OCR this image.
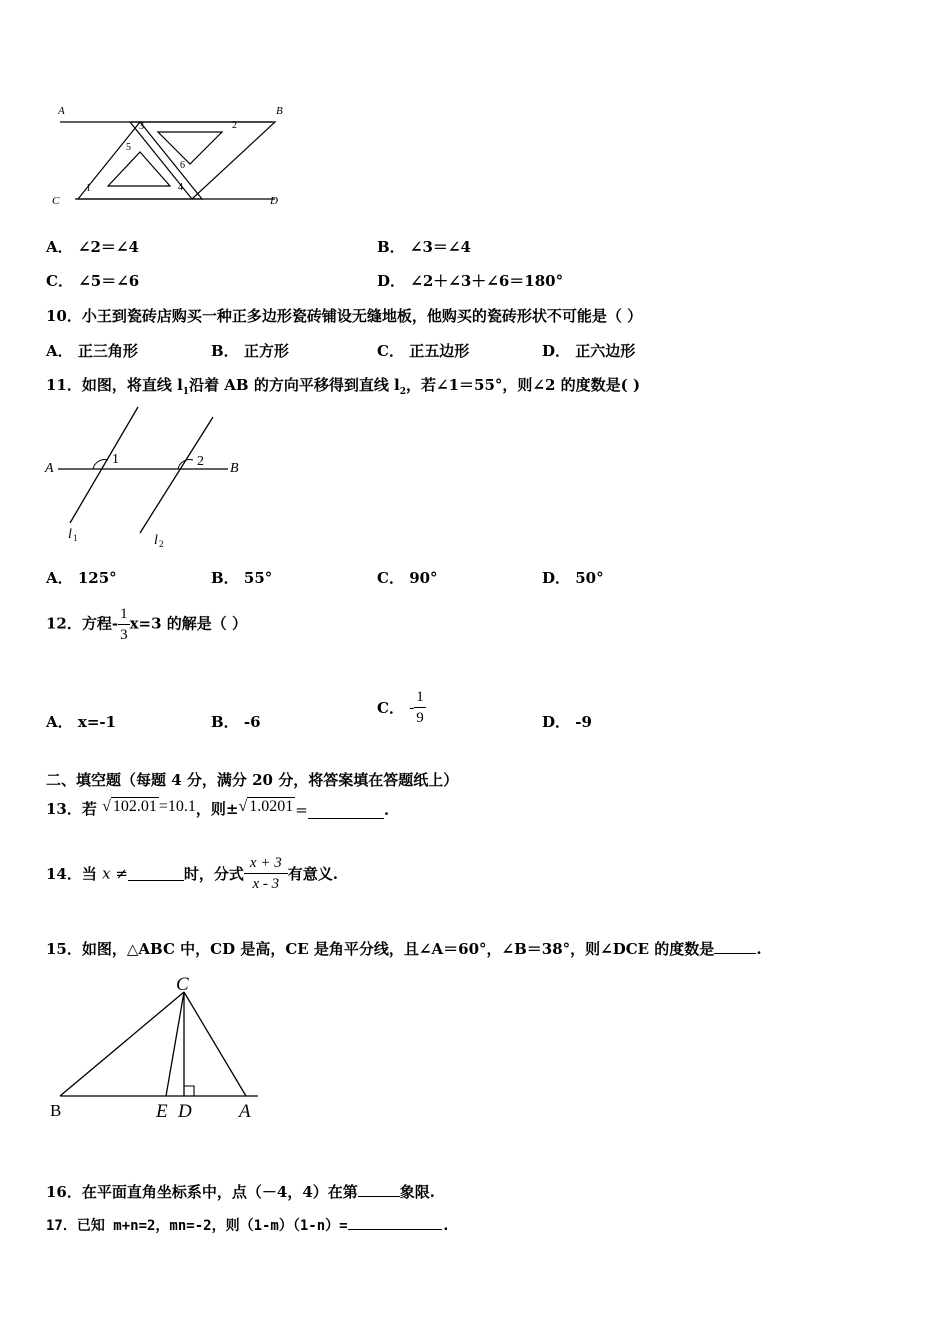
A	B
C	D
1
2
3
4
5
6
A． ∠2＝∠4	B． ∠3＝∠4
C． ∠5＝∠6	D． ∠2＋∠3＋∠6＝180°
10．小王到瓷砖店购买一种正多边形瓷砖铺设无缝地板，他购买的瓷砖形状不可能是（ ）
A． 正三角形	B． 正方形	C． 正五边形	D． 正六边形
11．如图，将直线 $l_1$沿着 AB 的方向平移得到直线 $l_2$，若∠1＝55°，则∠2 的度数是( )
A	B
1	2
l 1	l 2
A． 125°	B． 55°	C． 90°	D． 50°
12．方程- $\frac{1}{3} x=3$ 的解是（ ）
A． x=-1	B． -6
C． - $\frac{1}{9}$	D． -9
二、填空题（每题 4 分，满分 20 分，将答案填在答题纸上）
13．若 √ 102.01 =10.1，则±√ 1.0201 =	.
14．当 x ≠	时，分式 $\frac{x + 3}{x - 3}$ 有意义.
15．如图，△ABC 中，CD 是高，CE 是角平分线，且∠A＝60°，∠B＝38°，则∠DCE 的度数是	.
C
B	E D A
16．在平面直角坐标系中，点（－4，4）在第	象限.
17．已知 m+n=2，mn=-2，则（1-m）（1-n）=	.
